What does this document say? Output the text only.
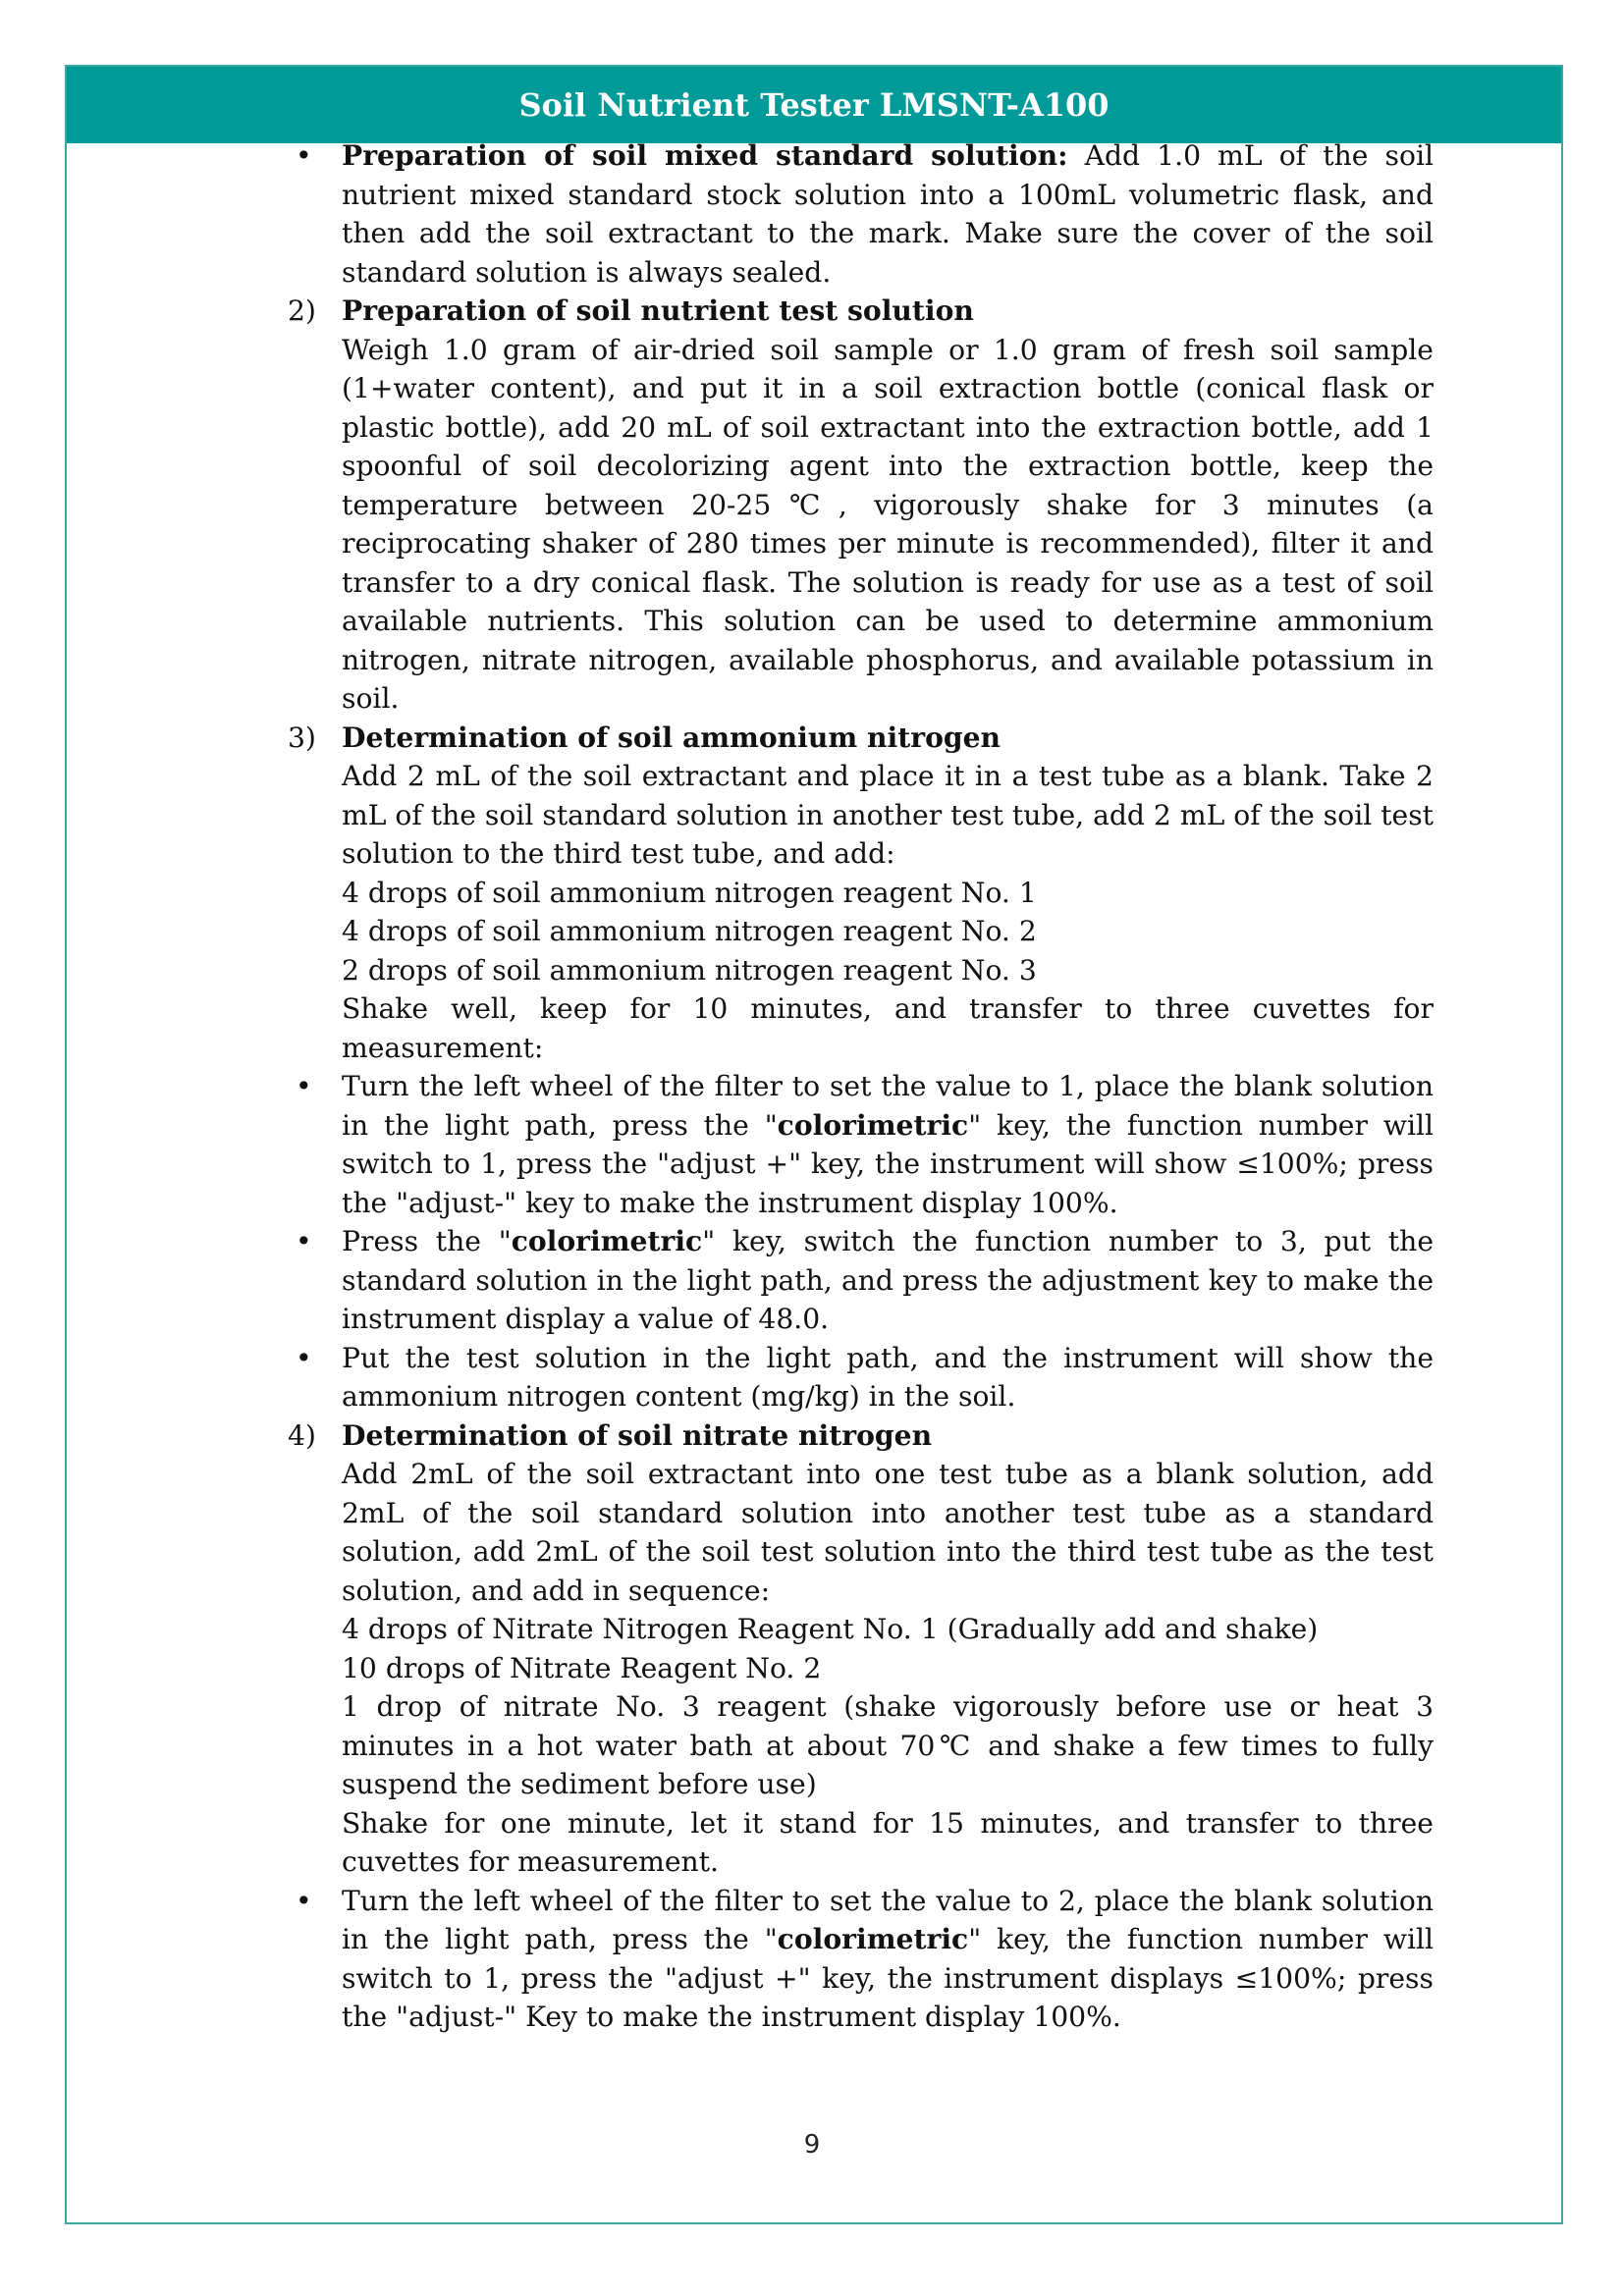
Soil Nutrient Tester LMSNT-A100
•	Preparation of soil mixed standard solution: Add 1.0 mL of the soil nutrient mixed standard stock solution into a 100mL volumetric flask, and then add the soil extractant to the mark. Make sure the cover of the soil standard solution is always sealed.
2) Preparation of soil nutrient test solution
Weigh 1.0 gram of air-dried soil sample or 1.0 gram of fresh soil sample (1+water content), and put it in a soil extraction bottle (conical flask or plastic bottle), add 20 mL of soil extractant into the extraction bottle, add 1 spoonful of soil decolorizing agent into the extraction bottle, keep the temperature between 20-25℃, vigorously shake for 3 minutes (a reciprocating shaker of 280 times per minute is recommended), filter it and transfer to a dry conical flask. The solution is ready for use as a test of soil available nutrients. This solution can be used to determine ammonium nitrogen, nitrate nitrogen, available phosphorus, and available potassium in soil.
3) Determination of soil ammonium nitrogen
Add 2 mL of the soil extractant and place it in a test tube as a blank. Take 2 mL of the soil standard solution in another test tube, add 2 mL of the soil test solution to the third test tube, and add:
4 drops of soil ammonium nitrogen reagent No. 1
4 drops of soil ammonium nitrogen reagent No. 2
2 drops of soil ammonium nitrogen reagent No. 3
Shake well, keep for 10 minutes, and transfer to three cuvettes for measurement:
•	Turn the left wheel of the filter to set the value to 1, place the blank solution in the light path, press the "colorimetric" key, the function number will switch to 1, press the "adjust +" key, the instrument will show ≤100%; press the "adjust-" key to make the instrument display 100%.
•	Press the "colorimetric" key, switch the function number to 3, put the standard solution in the light path, and press the adjustment key to make the instrument display a value of 48.0.
•	Put the test solution in the light path, and the instrument will show the ammonium nitrogen content (mg/kg) in the soil.
4) Determination of soil nitrate nitrogen
Add 2mL of the soil extractant into one test tube as a blank solution, add 2mL of the soil standard solution into another test tube as a standard solution, add 2mL of the soil test solution into the third test tube as the test solution, and add in sequence:
4 drops of Nitrate Nitrogen Reagent No. 1 (Gradually add and shake)
10 drops of Nitrate Reagent No. 2
1 drop of nitrate No. 3 reagent (shake vigorously before use or heat 3 minutes in a hot water bath at about 70℃ and shake a few times to fully suspend the sediment before use)
Shake for one minute, let it stand for 15 minutes, and transfer to three cuvettes for measurement.
•	Turn the left wheel of the filter to set the value to 2, place the blank solution in the light path, press the "colorimetric" key, the function number will switch to 1, press the "adjust +" key, the instrument displays ≤100%; press the "adjust-" Key to make the instrument display 100%.
9
